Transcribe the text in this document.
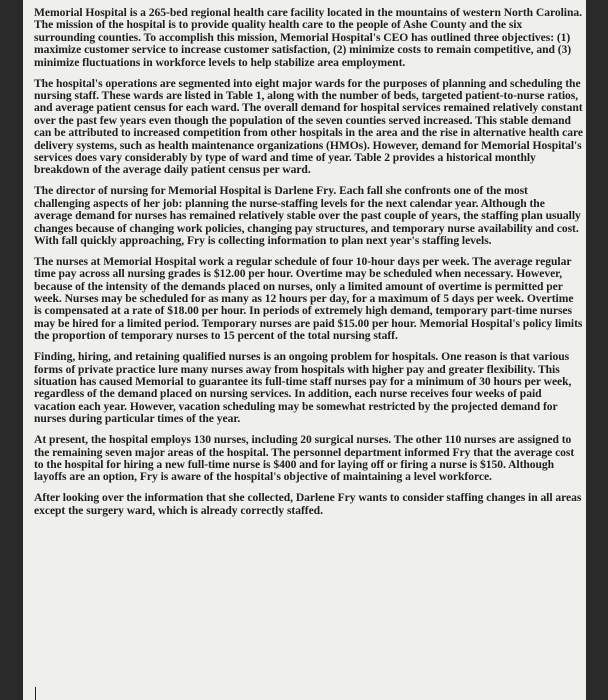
Memorial Hospital is a 265-bed regional health care facility located in the mountains of western North Carolina. The mission of the hospital is to provide quality health care to the people of Ashe County and the six surrounding counties. To accomplish this mission, Memorial Hospital's CEO has outlined three objectives: (1) maximize customer service to increase customer satisfaction, (2) minimize costs to remain competitive, and (3) minimize fluctuations in workforce levels to help stabilize area employment.

The hospital's operations are segmented into eight major wards for the purposes of planning and scheduling the nursing staff. These wards are listed in Table 1, along with the number of beds, targeted patient-to-nurse ratios, and average patient census for each ward. The overall demand for hospital services remained relatively constant over the past few years even though the population of the seven counties served increased. This stable demand can be attributed to increased competition from other hospitals in the area and the rise in alternative health care delivery systems, such as health maintenance organizations (HMOs). However, demand for Memorial Hospital's services does vary considerably by type of ward and time of year. Table 2 provides a historical monthly breakdown of the average daily patient census per ward.

The director of nursing for Memorial Hospital is Darlene Fry. Each fall she confronts one of the most challenging aspects of her job: planning the nurse-staffing levels for the next calendar year. Although the average demand for nurses has remained relatively stable over the past couple of years, the staffing plan usually changes because of changing work policies, changing pay structures, and temporary nurse availability and cost. With fall quickly approaching, Fry is collecting information to plan next year's staffing levels.

The nurses at Memorial Hospital work a regular schedule of four 10-hour days per week. The average regular time pay across all nursing grades is $12.00 per hour. Overtime may be scheduled when necessary. However, because of the intensity of the demands placed on nurses, only a limited amount of overtime is permitted per week. Nurses may be scheduled for as many as 12 hours per day, for a maximum of 5 days per week. Overtime is compensated at a rate of $18.00 per hour. In periods of extremely high demand, temporary part-time nurses may be hired for a limited period. Temporary nurses are paid $15.00 per hour. Memorial Hospital's policy limits the proportion of temporary nurses to 15 percent of the total nursing staff.

Finding, hiring, and retaining qualified nurses is an ongoing problem for hospitals. One reason is that various forms of private practice lure many nurses away from hospitals with higher pay and greater flexibility. This situation has caused Memorial to guarantee its full-time staff nurses pay for a minimum of 30 hours per week, regardless of the demand placed on nursing services. In addition, each nurse receives four weeks of paid vacation each year. However, vacation scheduling may be somewhat restricted by the projected demand for nurses during particular times of the year.

At present, the hospital employs 130 nurses, including 20 surgical nurses. The other 110 nurses are assigned to the remaining seven major areas of the hospital. The personnel department informed Fry that the average cost to the hospital for hiring a new full-time nurse is $400 and for laying off or firing a nurse is $150. Although layoffs are an option, Fry is aware of the hospital's objective of maintaining a level workforce.

After looking over the information that she collected, Darlene Fry wants to consider staffing changes in all areas except the surgery ward, which is already correctly staffed.
